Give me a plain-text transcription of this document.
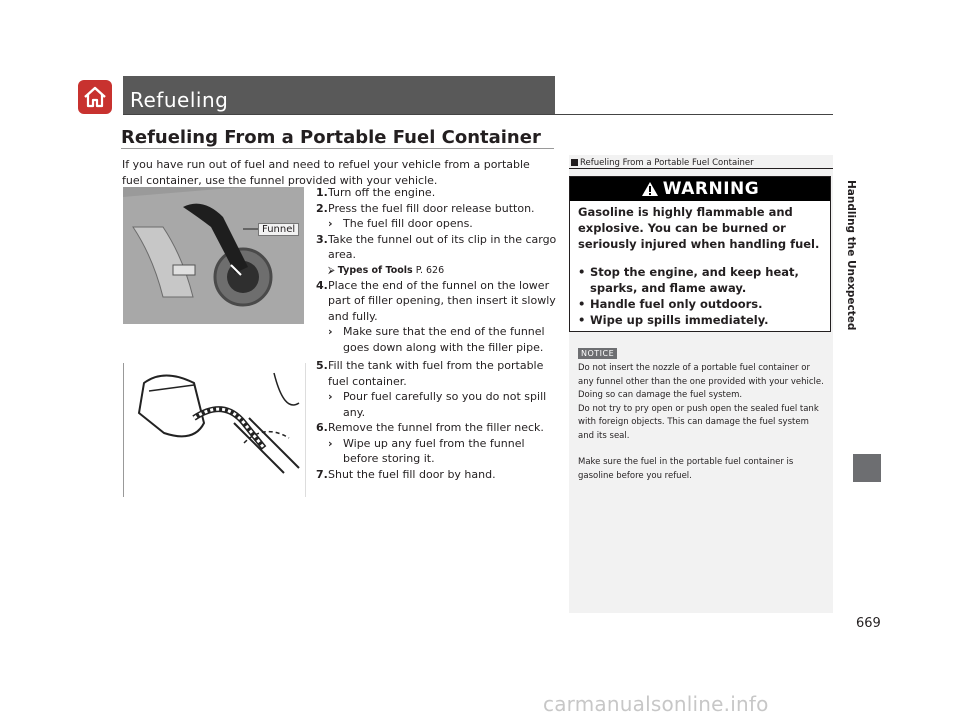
Refueling
Refueling From a Portable Fuel Container
If you have run out of fuel and need to refuel your vehicle from a portable fuel container, use the funnel provided with your vehicle.
Funnel
1. Turn off the engine.
2. Press the fuel fill door release button.
› The fuel fill door opens.
3. Take the funnel out of its clip in the cargo area.
⮚ Types of Tools P. 626
4. Place the end of the funnel on the lower part of filler opening, then insert it slowly and fully.
› Make sure that the end of the funnel goes down along with the filler pipe.
5. Fill the tank with fuel from the portable fuel container.
› Pour fuel carefully so you do not spill any.
6. Remove the funnel from the filler neck.
› Wipe up any fuel from the funnel before storing it.
7. Shut the fuel fill door by hand.
Refueling From a Portable Fuel Container
WARNING
Gasoline is highly flammable and explosive. You can be burned or seriously injured when handling fuel.
• Stop the engine, and keep heat, sparks, and flame away.
• Handle fuel only outdoors.
• Wipe up spills immediately.
NOTICE

Do not insert the nozzle of a portable fuel container or any funnel other than the one provided with your vehicle. Doing so can damage the fuel system.

Do not try to pry open or push open the sealed fuel tank with foreign objects. This can damage the fuel system and its seal.

Make sure the fuel in the portable fuel container is gasoline before you refuel.

Handling the Unexpected
669
carmanualsonline.info
